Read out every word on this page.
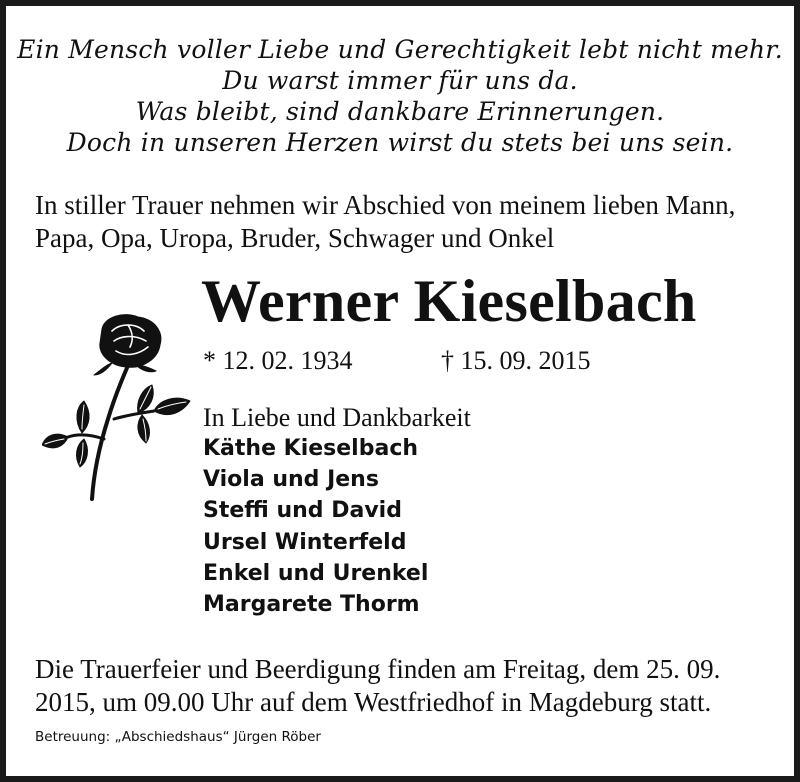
Ein Mensch voller Liebe und Gerechtigkeit lebt nicht mehr.
Du warst immer für uns da.
Was bleibt, sind dankbare Erinnerungen.
Doch in unseren Herzen wirst du stets bei uns sein.
In stiller Trauer nehmen wir Abschied von meinem lieben Mann,
Papa, Opa, Uropa, Bruder, Schwager und Onkel
Werner Kieselbach
* 12. 02. 1934	† 15. 09. 2015
In Liebe und Dankbarkeit
Käthe Kieselbach
Viola und Jens
Steffi und David
Ursel Winterfeld
Enkel und Urenkel
Margarete Thorm
Die Trauerfeier und Beerdigung finden am Freitag, dem 25. 09.
2015, um 09.00 Uhr auf dem Westfriedhof in Magdeburg statt.
Betreuung: „Abschiedshaus“ Jürgen Röber
